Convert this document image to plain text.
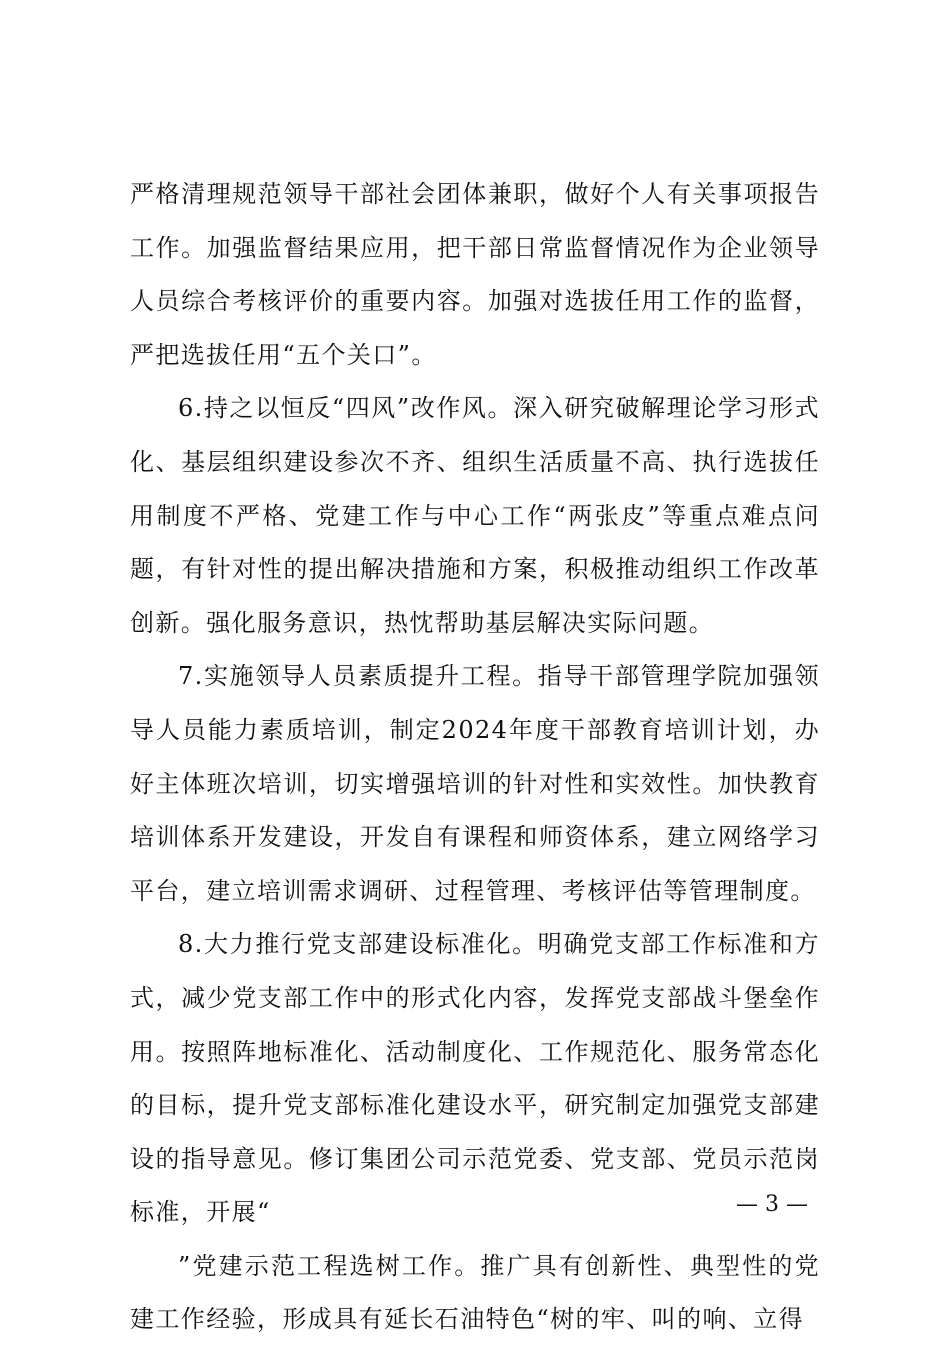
严格清理规范领导干部社会团体兼职，做好个人有关事项报告工作。加强监督结果应用，把干部日常监督情况作为企业领导人员综合考核评价的重要内容。加强对选拔任用工作的监督，严把选拔任用“五个关口”。

6.持之以恒反“四风”改作风。深入研究破解理论学习形式化、基层组织建设参次不齐、组织生活质量不高、执行选拔任用制度不严格、党建工作与中心工作“两张皮”等重点难点问题，有针对性的提出解决措施和方案，积极推动组织工作改革创新。强化服务意识，热忱帮助基层解决实际问题。

7.实施领导人员素质提升工程。指导干部管理学院加强领导人员能力素质培训，制定2024年度干部教育培训计划，办好主体班次培训，切实增强培训的针对性和实效性。加快教育培训体系开发建设，开发自有课程和师资体系，建立网络学习平台，建立培训需求调研、过程管理、考核评估等管理制度。

8.大力推行党支部建设标准化。明确党支部工作标准和方式，减少党支部工作中的形式化内容，发挥党支部战斗堡垒作用。按照阵地标准化、活动制度化、工作规范化、服务常态化的目标，提升党支部标准化建设水平，研究制定加强党支部建设的指导意见。修订集团公司示范党委、党支部、党员示范岗标准，开展“

”党建示范工程选树工作。推广具有创新性、典型性的党建工作经验，形成具有延长石油特色“树的牢、叫的响、立得

— 3 —
